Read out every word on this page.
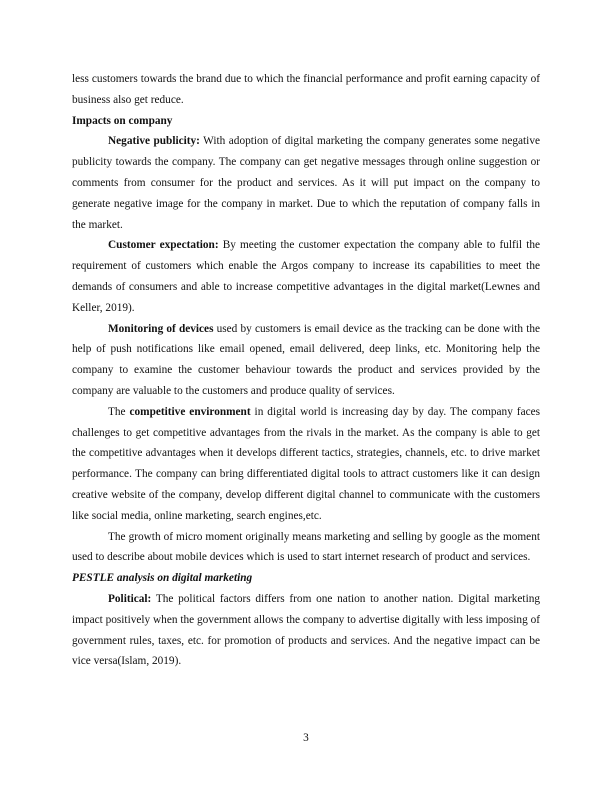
less customers towards the brand due to which the financial performance and profit earning capacity of business also get reduce.

Impacts on company

Negative publicity: With adoption of digital marketing the company generates some negative publicity towards the company. The company can get negative messages through online suggestion or comments from consumer for the product and services. As it will put impact on the company to generate negative image for the company in market. Due to which the reputation of company falls in the market.

Customer expectation: By meeting the customer expectation the company able to fulfil the requirement of customers which enable the Argos company to increase its capabilities to meet the demands of consumers and able to increase competitive advantages in the digital market(Lewnes and Keller, 2019).

Monitoring of devices used by customers is email device as the tracking can be done with the help of push notifications like email opened, email delivered, deep links, etc. Monitoring help the company to examine the customer behaviour towards the product and services provided by the company are valuable to the customers and produce quality of services.

The competitive environment in digital world is increasing day by day. The company faces challenges to get competitive advantages from the rivals in the market. As the company is able to get the competitive advantages when it develops different tactics, strategies, channels, etc. to drive market performance. The company can bring differentiated digital tools to attract customers like it can design creative website of the company, develop different digital channel to communicate with the customers like social media, online marketing, search engines,etc.

The growth of micro moment originally means marketing and selling by google as the moment used to describe about mobile devices which is used to start internet research of product and services.

PESTLE analysis on digital marketing

Political: The political factors differs from one nation to another nation. Digital marketing impact positively when the government allows the company to advertise digitally with less imposing of government rules, taxes, etc. for promotion of products and services. And the negative impact can be vice versa(Islam, 2019).

3
